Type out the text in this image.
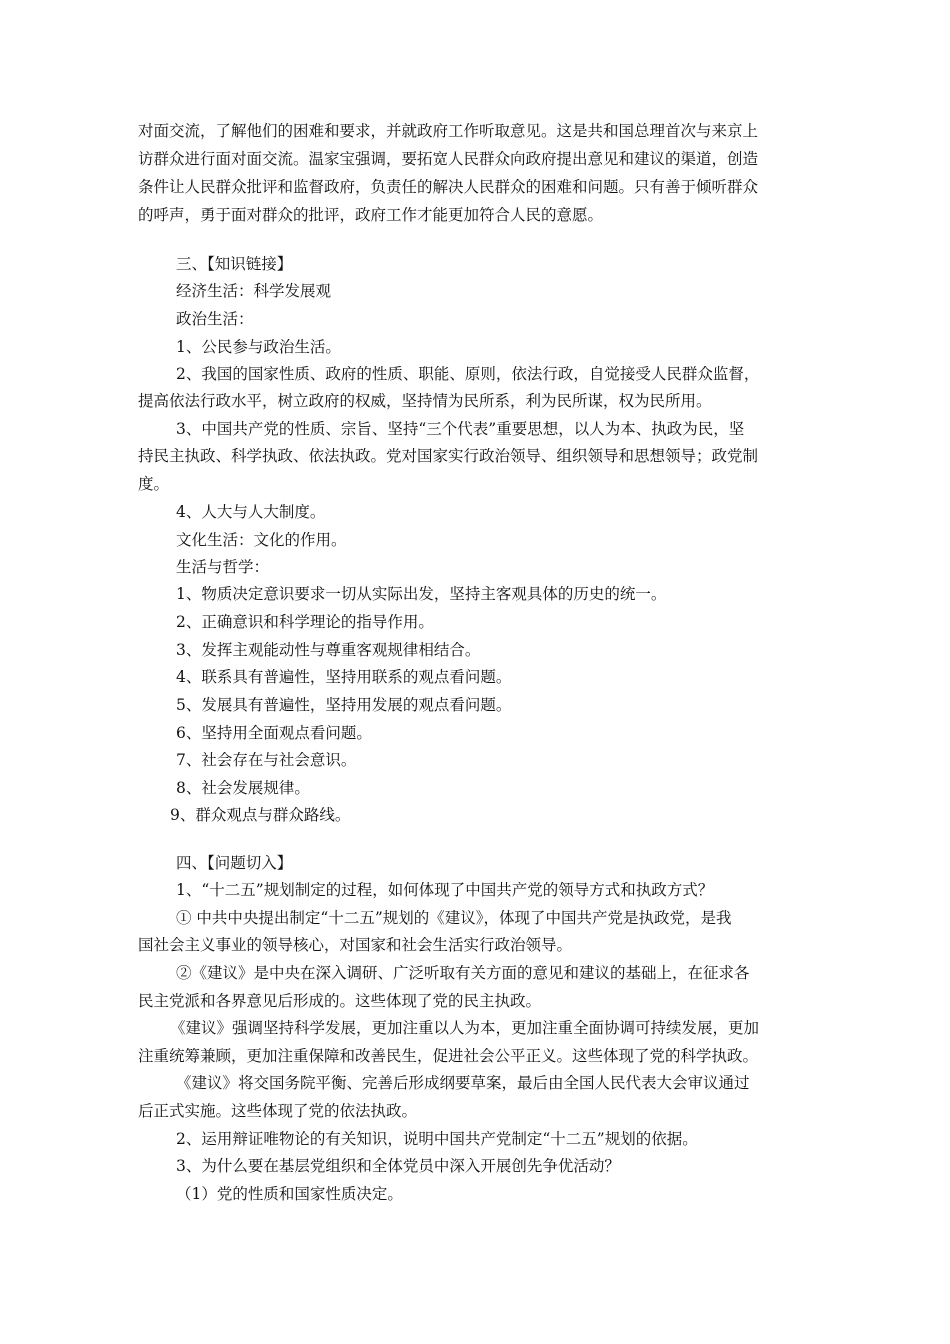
对面交流，了解他们的困难和要求，并就政府工作听取意见。这是共和国总理首次与来京上
访群众进行面对面交流。温家宝强调，要拓宽人民群众向政府提出意见和建议的渠道，创造
条件让人民群众批评和监督政府，负责任的解决人民群众的困难和问题。只有善于倾听群众
的呼声，勇于面对群众的批评，政府工作才能更加符合人民的意愿。
三、【知识链接】
经济生活：科学发展观
政治生活：
1、公民参与政治生活。
2、我国的国家性质、政府的性质、职能、原则，依法行政，自觉接受人民群众监督，
提高依法行政水平，树立政府的权威，坚持情为民所系，利为民所谋，权为民所用。
3、中国共产党的性质、宗旨、坚持“三个代表”重要思想，以人为本、执政为民，坚
持民主执政、科学执政、依法执政。党对国家实行政治领导、组织领导和思想领导；政党制
度。
4、人大与人大制度。
文化生活：文化的作用。
生活与哲学：
1、物质决定意识要求一切从实际出发，坚持主客观具体的历史的统一。
2、正确意识和科学理论的指导作用。
3、发挥主观能动性与尊重客观规律相结合。
4、联系具有普遍性，坚持用联系的观点看问题。
5、发展具有普遍性，坚持用发展的观点看问题。
6、坚持用全面观点看问题。
7、社会存在与社会意识。
8、社会发展规律。
9、群众观点与群众路线。
四、【问题切入】
1、“十二五”规划制定的过程，如何体现了中国共产党的领导方式和执政方式？
① 中共中央提出制定“十二五”规划的《建议》，体现了中国共产党是执政党，是我
国社会主义事业的领导核心，对国家和社会生活实行政治领导。
②《建议》是中央在深入调研、广泛听取有关方面的意见和建议的基础上，在征求各
民主党派和各界意见后形成的。这些体现了党的民主执政。
《建议》强调坚持科学发展，更加注重以人为本，更加注重全面协调可持续发展，更加
注重统筹兼顾，更加注重保障和改善民生，促进社会公平正义。这些体现了党的科学执政。
《建议》将交国务院平衡、完善后形成纲要草案，最后由全国人民代表大会审议通过
后正式实施。这些体现了党的依法执政。
2、运用辩证唯物论的有关知识，说明中国共产党制定“十二五”规划的依据。
3、为什么要在基层党组织和全体党员中深入开展创先争优活动？
（1）党的性质和国家性质决定。
